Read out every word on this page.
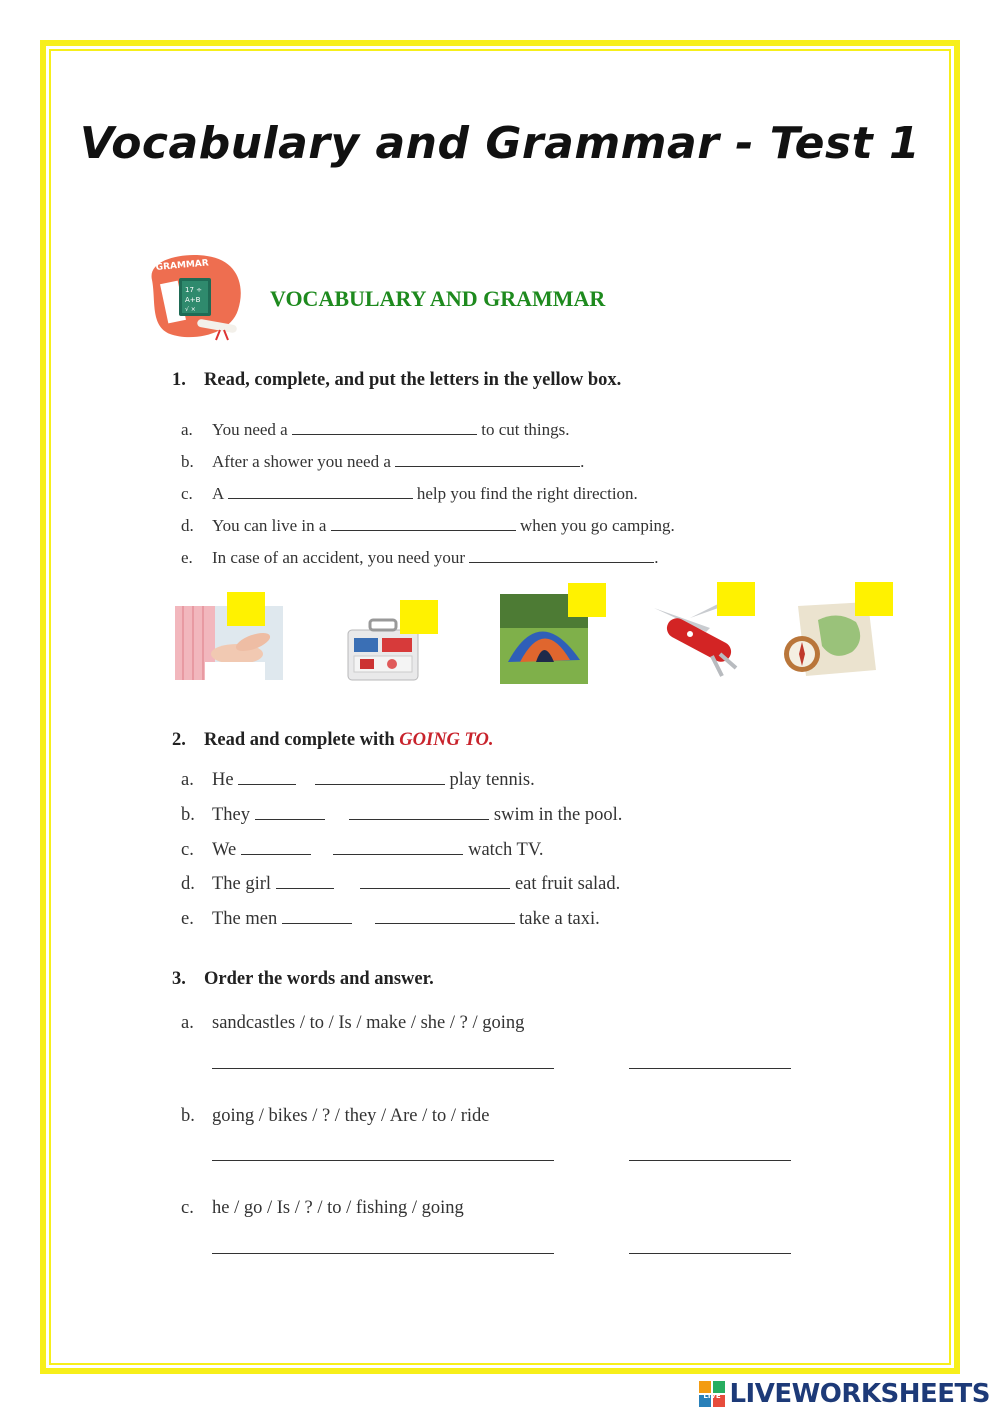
Vocabulary and Grammar - Test 1
GRAMMAR
17 ÷
A+B
√ ×	VOCABULARY AND GRAMMAR
1. Read, complete, and put the letters in the yellow box.
a. You need a	to cut things.
b. After a shower you need a	.
c. A	help you find the right direction.
d. You can live in a	when you go camping.
e. In case of an accident, you need your	.
2. Read and complete with GOING TO.
a. He	play tennis.
b. They	swim in the pool.
c. We	watch TV.
d. The girl	eat fruit salad.
e. The men	take a taxi.
3. Order the words and answer.
a. sandcastles / to / Is / make / she / ? / going
b. going / bikes / ? / they / Are / to / ride
c. he / go / Is / ? / to / fishing / going
LIVE LIVEWORKSHEETS
